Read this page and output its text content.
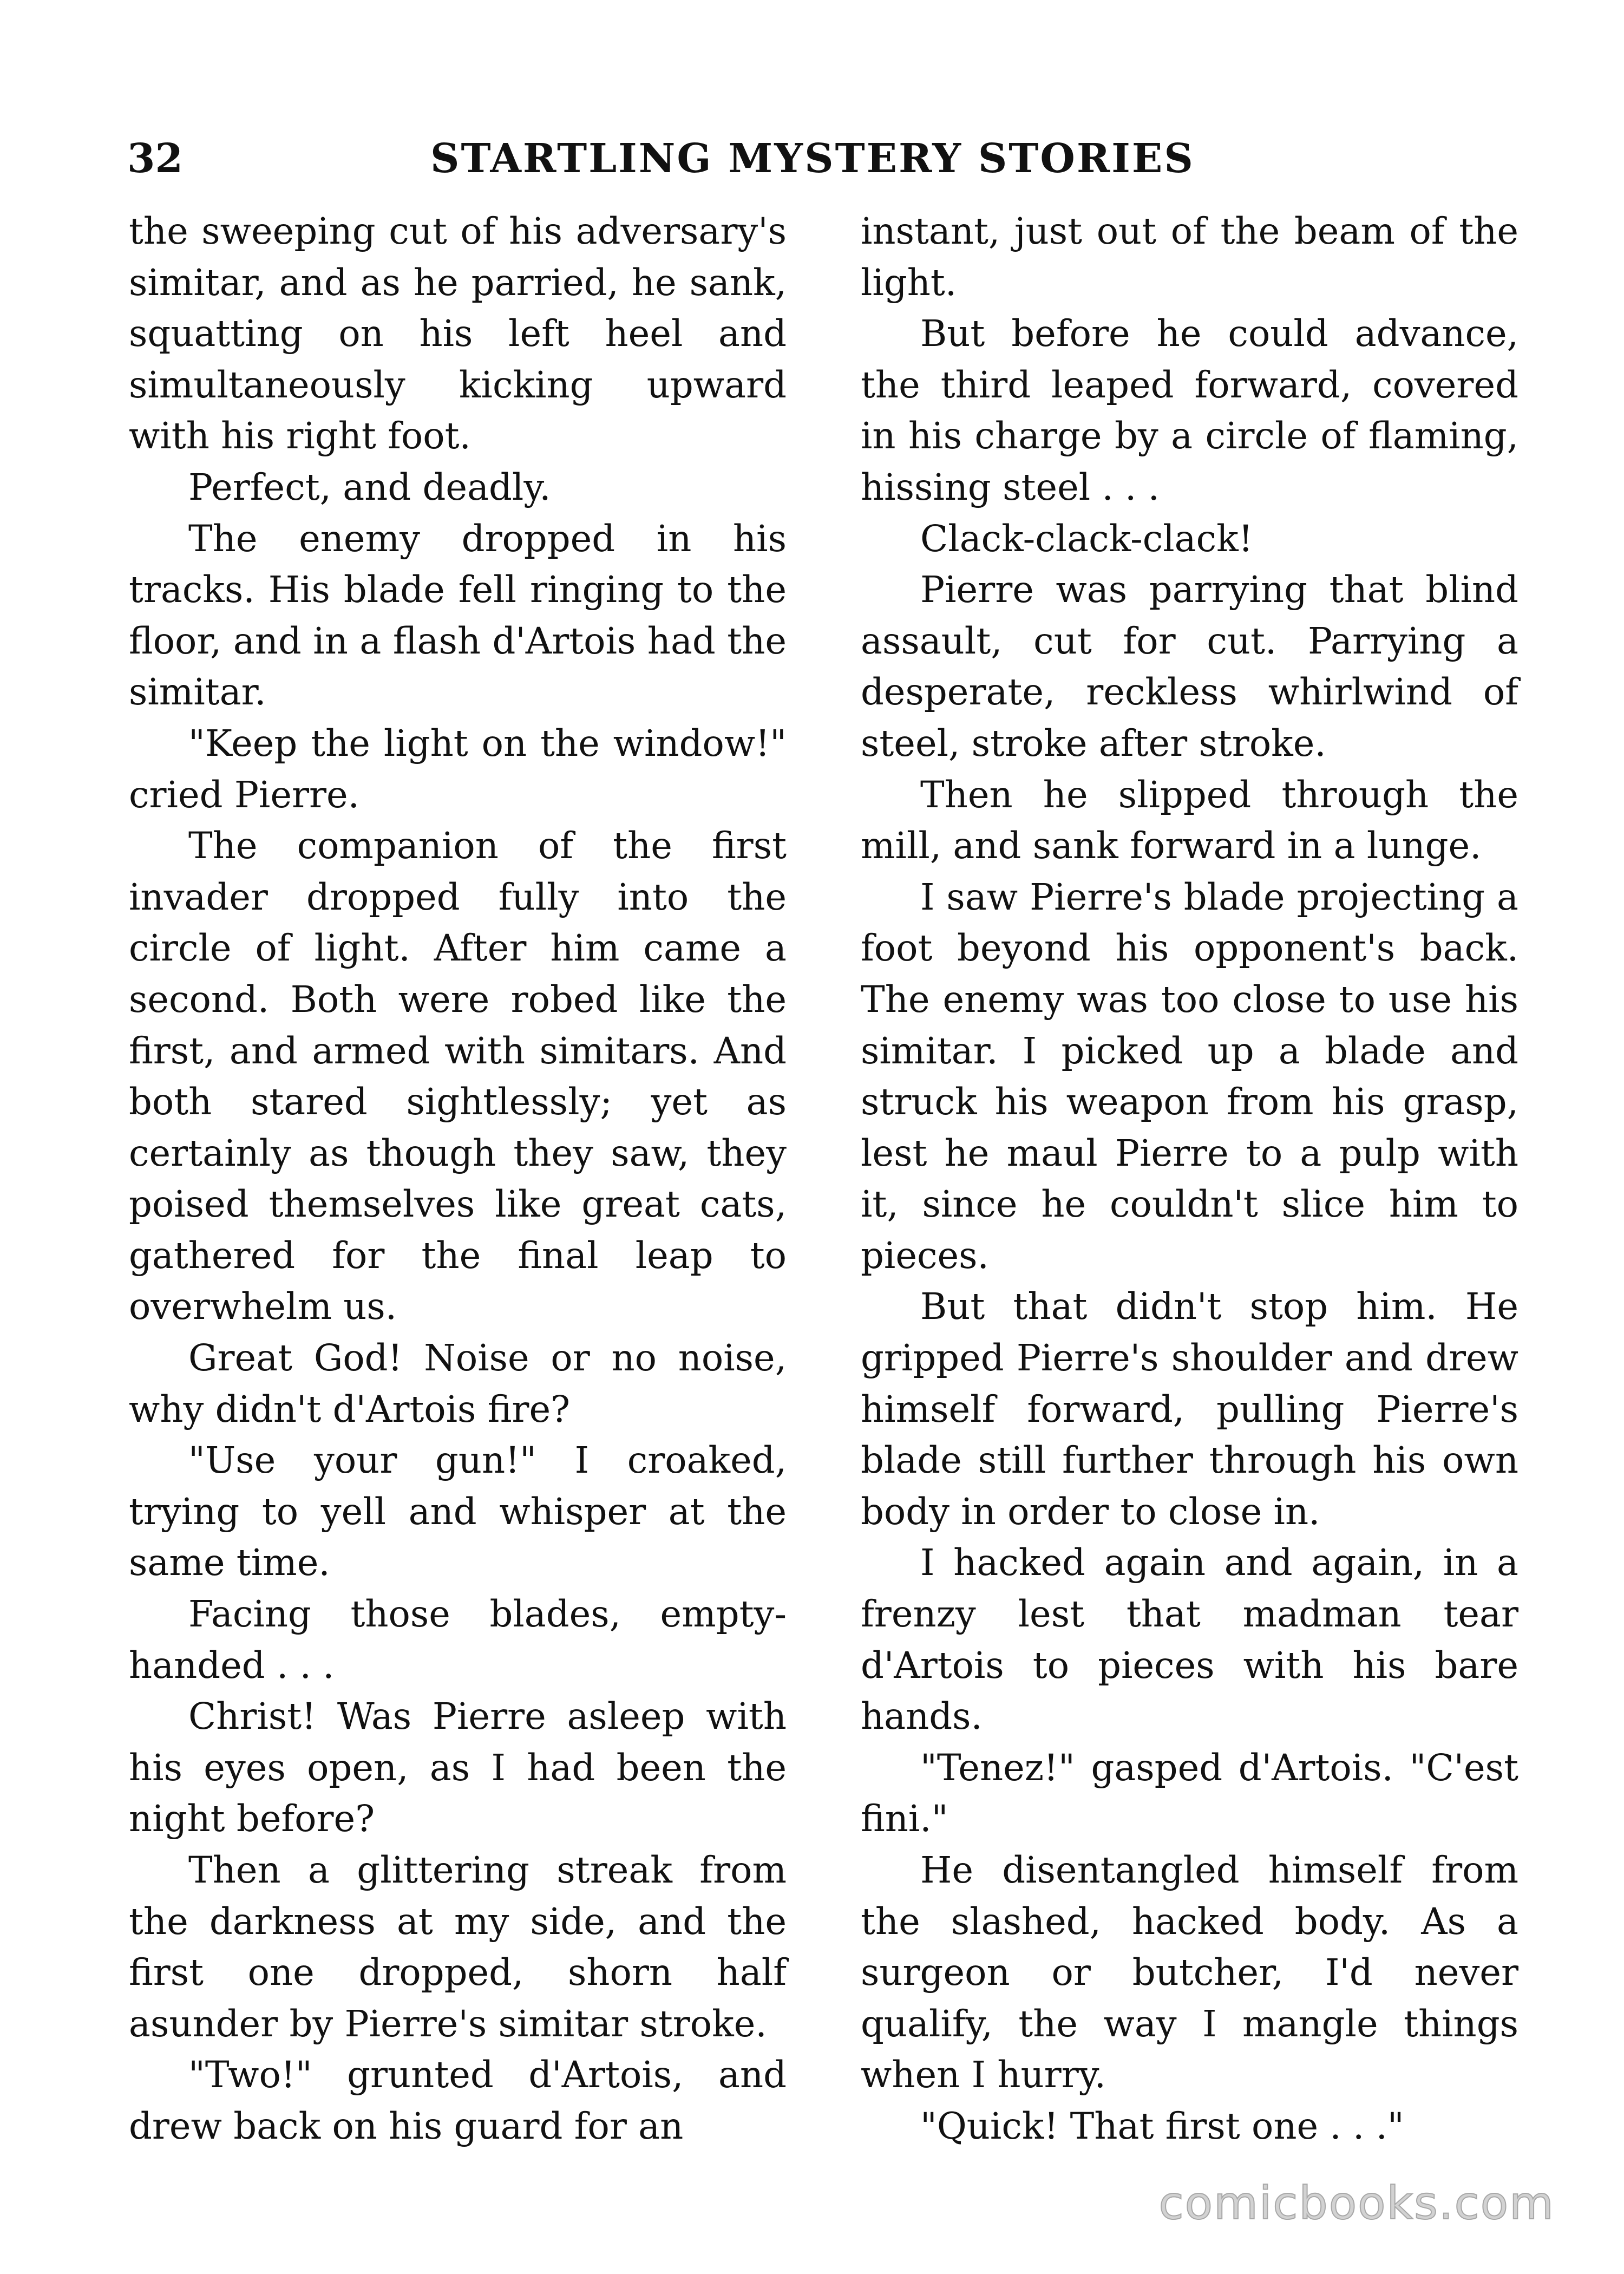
32	STARTLING MYSTERY STORIES

the sweeping cut of his adversary's simitar, and as he parried, he sank, squatting on his left heel and simultaneously kicking upward with his right foot.

Perfect, and deadly.

The enemy dropped in his tracks. His blade fell ringing to the floor, and in a flash d'Artois had the simitar.

"Keep the light on the window!" cried Pierre.

The companion of the first invader dropped fully into the circle of light. After him came a second. Both were robed like the first, and armed with simitars. And both stared sightlessly; yet as certainly as though they saw, they poised themselves like great cats, gathered for the final leap to overwhelm us.

Great God! Noise or no noise, why didn't d'Artois fire?

"Use your gun!" I croaked, trying to yell and whisper at the same time.

Facing those blades, empty-handed . . .

Christ! Was Pierre asleep with his eyes open, as I had been the night before?

Then a glittering streak from the darkness at my side, and the first one dropped, shorn half asunder by Pierre's simitar stroke.

"Two!" grunted d'Artois, and drew back on his guard for an

instant, just out of the beam of the light.

But before he could advance, the third leaped forward, covered in his charge by a circle of flaming, hissing steel . . .

Clack-clack-clack!

Pierre was parrying that blind assault, cut for cut. Parrying a desperate, reckless whirlwind of steel, stroke after stroke.

Then he slipped through the mill, and sank forward in a lunge.

I saw Pierre's blade projecting a foot beyond his opponent's back. The enemy was too close to use his simitar. I picked up a blade and struck his weapon from his grasp, lest he maul Pierre to a pulp with it, since he couldn't slice him to pieces.

But that didn't stop him. He gripped Pierre's shoulder and drew himself forward, pulling Pierre's blade still further through his own body in order to close in.

I hacked again and again, in a frenzy lest that madman tear d'Artois to pieces with his bare hands.

"Tenez!" gasped d'Artois. "C'est fini."

He disentangled himself from the slashed, hacked body. As a surgeon or butcher, I'd never qualify, the way I mangle things when I hurry.

"Quick! That first one . . ."

comicbooks.com
